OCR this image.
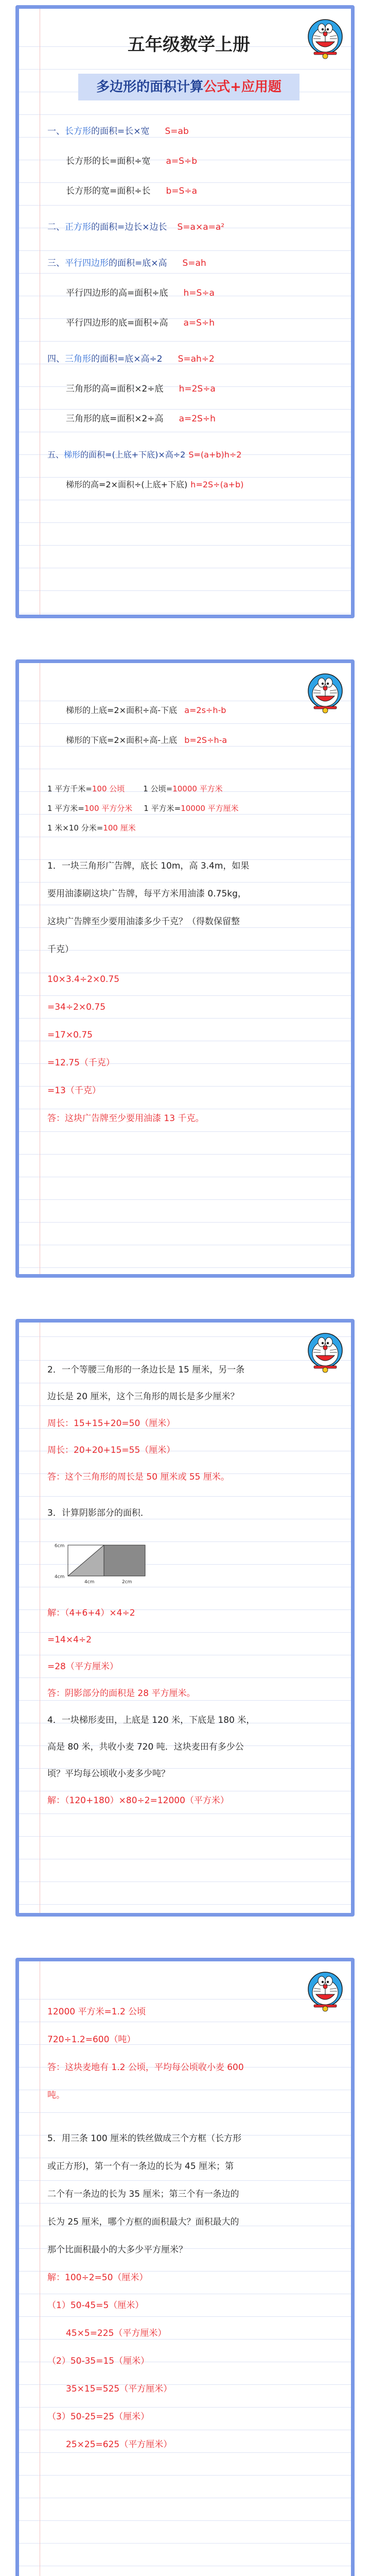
五年级数学上册
多边形的面积计算公式+应用题

一、长方形的面积=长×宽 S=ab

长方形的长=面积÷宽 a=S÷b

长方形的宽=面积÷长 b=S÷a

二、正方形的面积=边长×边长 S=a×a=a²

三、平行四边形的面积=底×高 S=ah

平行四边形的高=面积÷底 h=S÷a

平行四边形的底=面积÷高 a=S÷h

四、三角形的面积=底×高÷2 S=ah÷2

三角形的高=面积×2÷底 h=2S÷a

三角形的底=面积×2÷高 a=2S÷h

五、梯形的面积=(上底+下底)×高÷2 S=(a+b)h÷2

梯形的高=2×面积÷(上底+下底) h=2S÷(a+b)

梯形的上底=2×面积÷高-下底 a=2s÷h-b

梯形的下底=2×面积÷高-上底 b=2S÷h-a

1 平方千米=100 公顷 1 公顷=10000 平方米

1 平方米=100 平方分米 1 平方米=10000 平方厘米

1 米×10 分米=100 厘米

1．一块三角形广告牌，底长 10m，高 3.4m，如果

要用油漆刷这块广告牌，每平方米用油漆 0.75kg，

这块广告牌至少要用油漆多少千克？（得数保留整

千克）

10×3.4÷2×0.75

=34÷2×0.75

=17×0.75

=12.75（千克）

=13（千克）

答：这块广告牌至少要用油漆 13 千克。

2．一个等腰三角形的一条边长是 15 厘米，另一条

边长是 20 厘米，这个三角形的周长是多少厘米？

周长：15+15+20=50（厘米）

周长：20+20+15=55（厘米）

答：这个三角形的周长是 50 厘米或 55 厘米。

3．计算阴影部分的面积．

6cm
4cm
4cm	2cm

解：（4+6+4）×4÷2

=14×4÷2

=28（平方厘米）

答：阴影部分的面积是 28 平方厘米。

4．一块梯形麦田，上底是 120 米，下底是 180 米，

高是 80 米，共收小麦 720 吨．这块麦田有多少公

顷？平均每公顷收小麦多少吨？

解：（120+180）×80÷2=12000（平方米）

12000 平方米=1.2 公顷

720÷1.2=600（吨）

答：这块麦地有 1.2 公顷，平均每公顷收小麦 600

吨。

5．用三条 100 厘米的铁丝做成三个方框（长方形

或正方形)，第一个有一条边的长为 45 厘米；第

二个有一条边的长为 35 厘米；第三个有一条边的

长为 25 厘米，哪个方框的面积最大？面积最大的

那个比面积最小的大多少平方厘米？

解：100÷2=50（厘米）

（1）50-45=5（厘米）

45×5=225（平方厘米）

（2）50-35=15（厘米）

35×15=525（平方厘米）

（3）50-25=25（厘米）

25×25=625（平方厘米）
